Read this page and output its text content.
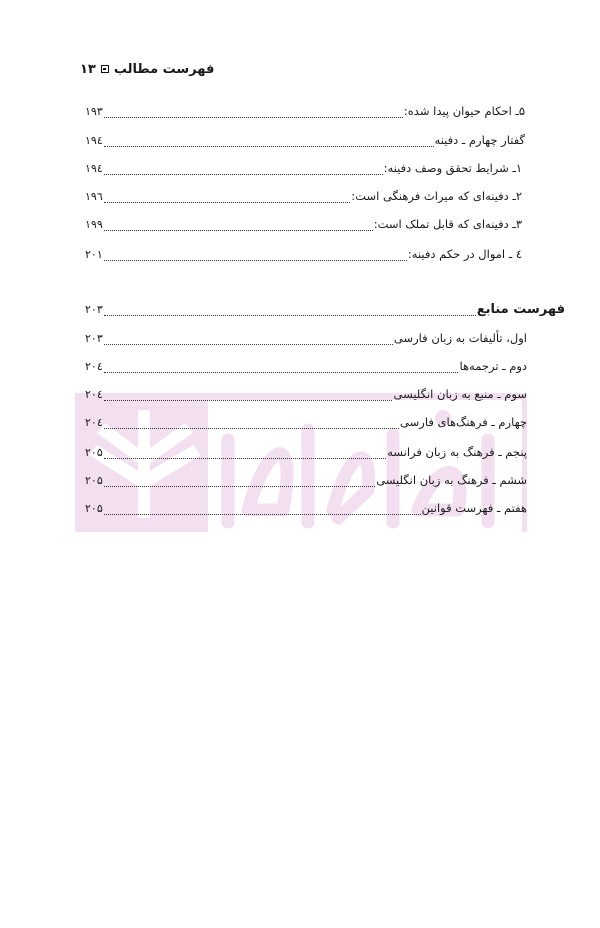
فهرست مطالب۱۳
۵ـ احکام حیوان پیدا شده:
۱۹۳
گفتار چهارم ـ دفینه
۱۹٤
۱ـ شرایط تحقق وصف دفینه:
۱۹٤
۲ـ دفینه‌ای که میراث فرهنگی است:
۱۹٦
۳ـ دفینه‌ای که قابل تملک است:
۱۹۹
٤ ـ اموال در حکم دفینه:
۲۰۱
فهرست منابع
۲۰۳
اول، تألیفات به زبان فارسی
۲۰۳
دوم ـ ترجمه‌ها
۲۰٤
سوم ـ منبع به زبان انگلیسی
۲۰٤
چهارم ـ فرهنگ‌های فارسی
۲۰٤
پنجم ـ فرهنگ به زبان فرانسه
۲۰۵
ششم ـ فرهنگ به زبان انگلیسی
۲۰۵
هفتم ـ فهرست قوانین
۲۰۵
